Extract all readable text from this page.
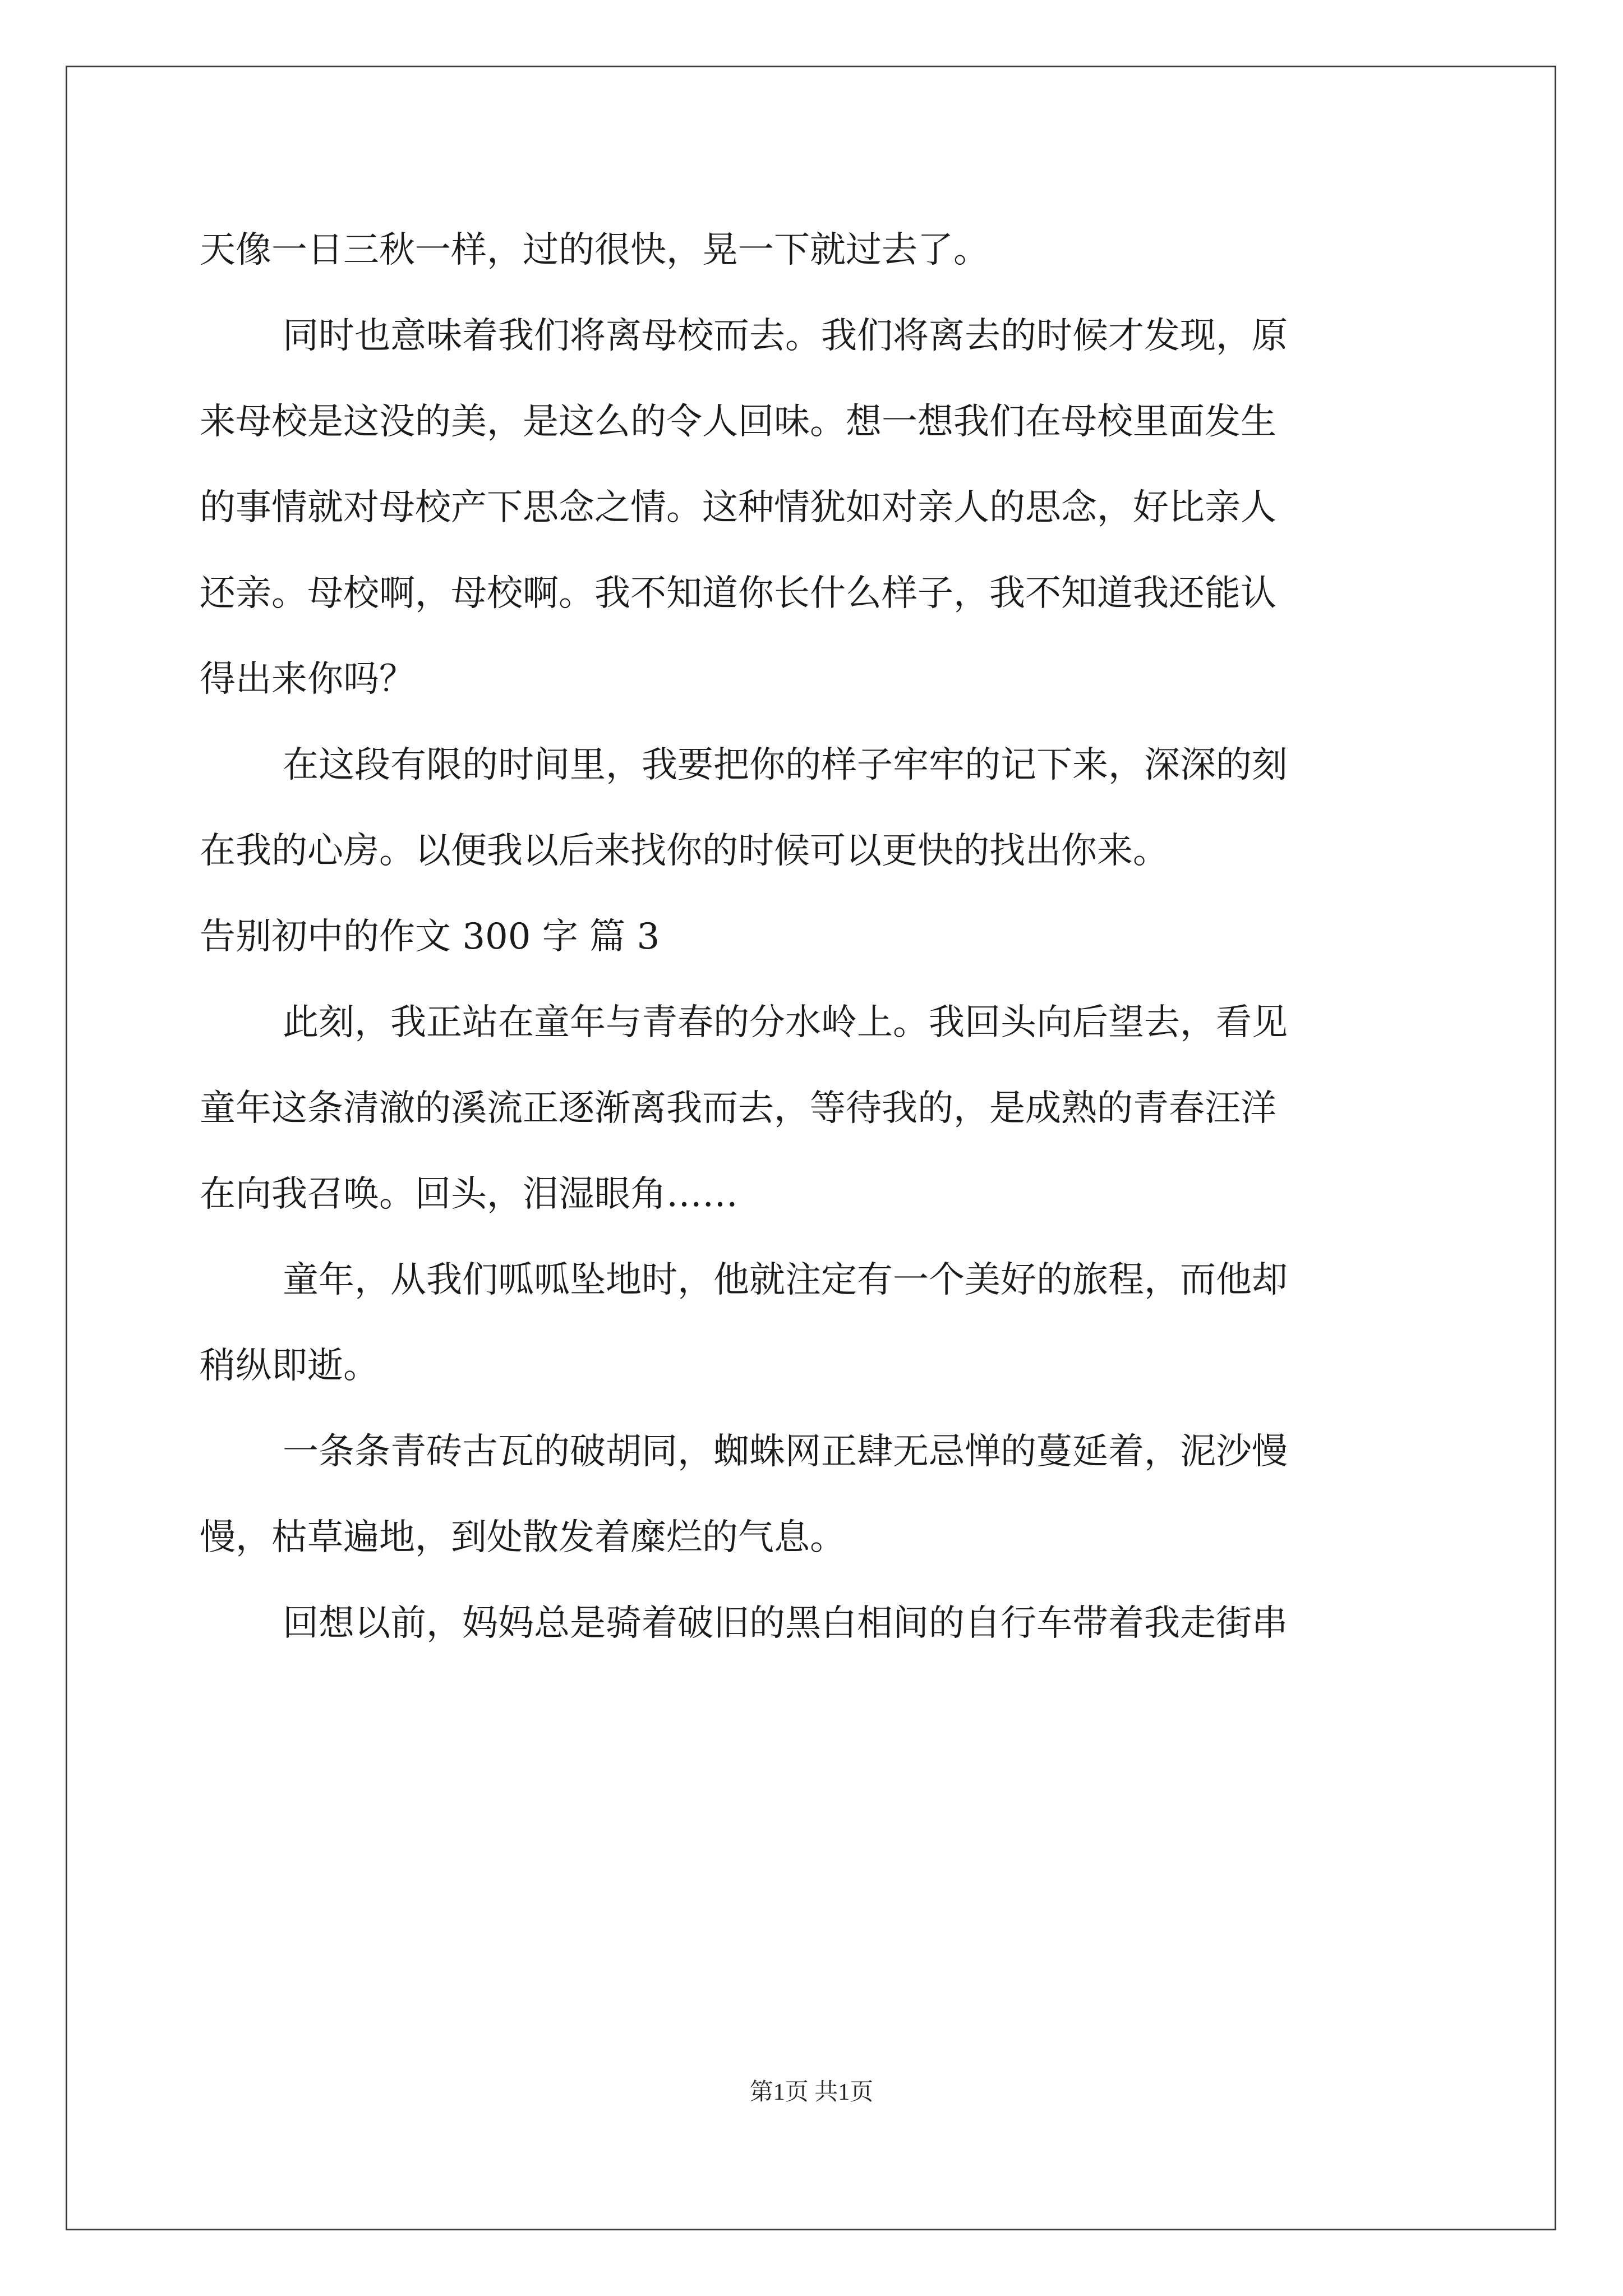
天像一日三秋一样，过的很快，晃一下就过去了。
同时也意味着我们将离母校而去。我们将离去的时候才发现，原
来母校是这没的美，是这么的令人回味。想一想我们在母校里面发生
的事情就对母校产下思念之情。这种情犹如对亲人的思念，好比亲人
还亲。母校啊，母校啊。我不知道你长什么样子，我不知道我还能认
得出来你吗？
在这段有限的时间里，我要把你的样子牢牢的记下来，深深的刻
在我的心房。以便我以后来找你的时候可以更快的找出你来。
告别初中的作文 300 字 篇 3
此刻，我正站在童年与青春的分水岭上。我回头向后望去，看见
童年这条清澈的溪流正逐渐离我而去，等待我的，是成熟的青春汪洋
在向我召唤。回头，泪湿眼角……
童年，从我们呱呱坠地时，他就注定有一个美好的旅程，而他却
稍纵即逝。
一条条青砖古瓦的破胡同，蜘蛛网正肆无忌惮的蔓延着，泥沙慢
慢，枯草遍地，到处散发着糜烂的气息。
回想以前，妈妈总是骑着破旧的黑白相间的自行车带着我走街串
第1页 共1页
